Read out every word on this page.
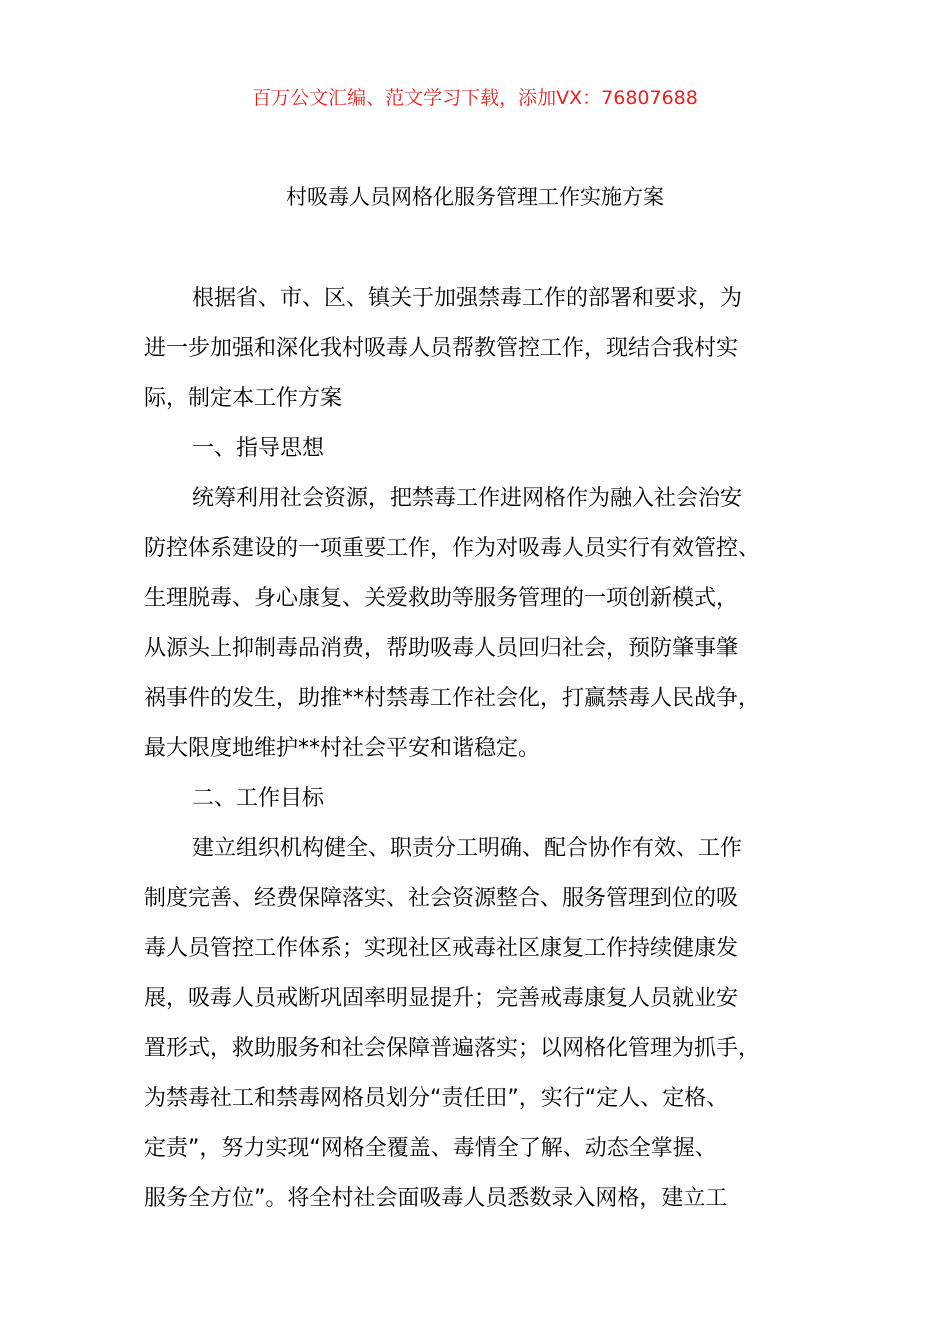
百万公文汇编、范文学习下载，添加VX：76807688
村吸毒人员网格化服务管理工作实施方案
根据省、市、区、镇关于加强禁毒工作的部署和要求，为
进一步加强和深化我村吸毒人员帮教管控工作，现结合我村实
际，制定本工作方案
一、指导思想
统筹利用社会资源，把禁毒工作进网格作为融入社会治安
防控体系建设的一项重要工作，作为对吸毒人员实行有效管控、
生理脱毒、身心康复、关爱救助等服务管理的一项创新模式，
从源头上抑制毒品消费，帮助吸毒人员回归社会，预防肇事肇
祸事件的发生，助推**村禁毒工作社会化，打赢禁毒人民战争，
最大限度地维护**村社会平安和谐稳定。
二、工作目标
建立组织机构健全、职责分工明确、配合协作有效、工作
制度完善、经费保障落实、社会资源整合、服务管理到位的吸
毒人员管控工作体系；实现社区戒毒社区康复工作持续健康发
展，吸毒人员戒断巩固率明显提升；完善戒毒康复人员就业安
置形式，救助服务和社会保障普遍落实；以网格化管理为抓手，
为禁毒社工和禁毒网格员划分“责任田”，实行“定人、定格、
定责”，努力实现“网格全覆盖、毒情全了解、动态全掌握、
服务全方位”。将全村社会面吸毒人员悉数录入网格，建立工
